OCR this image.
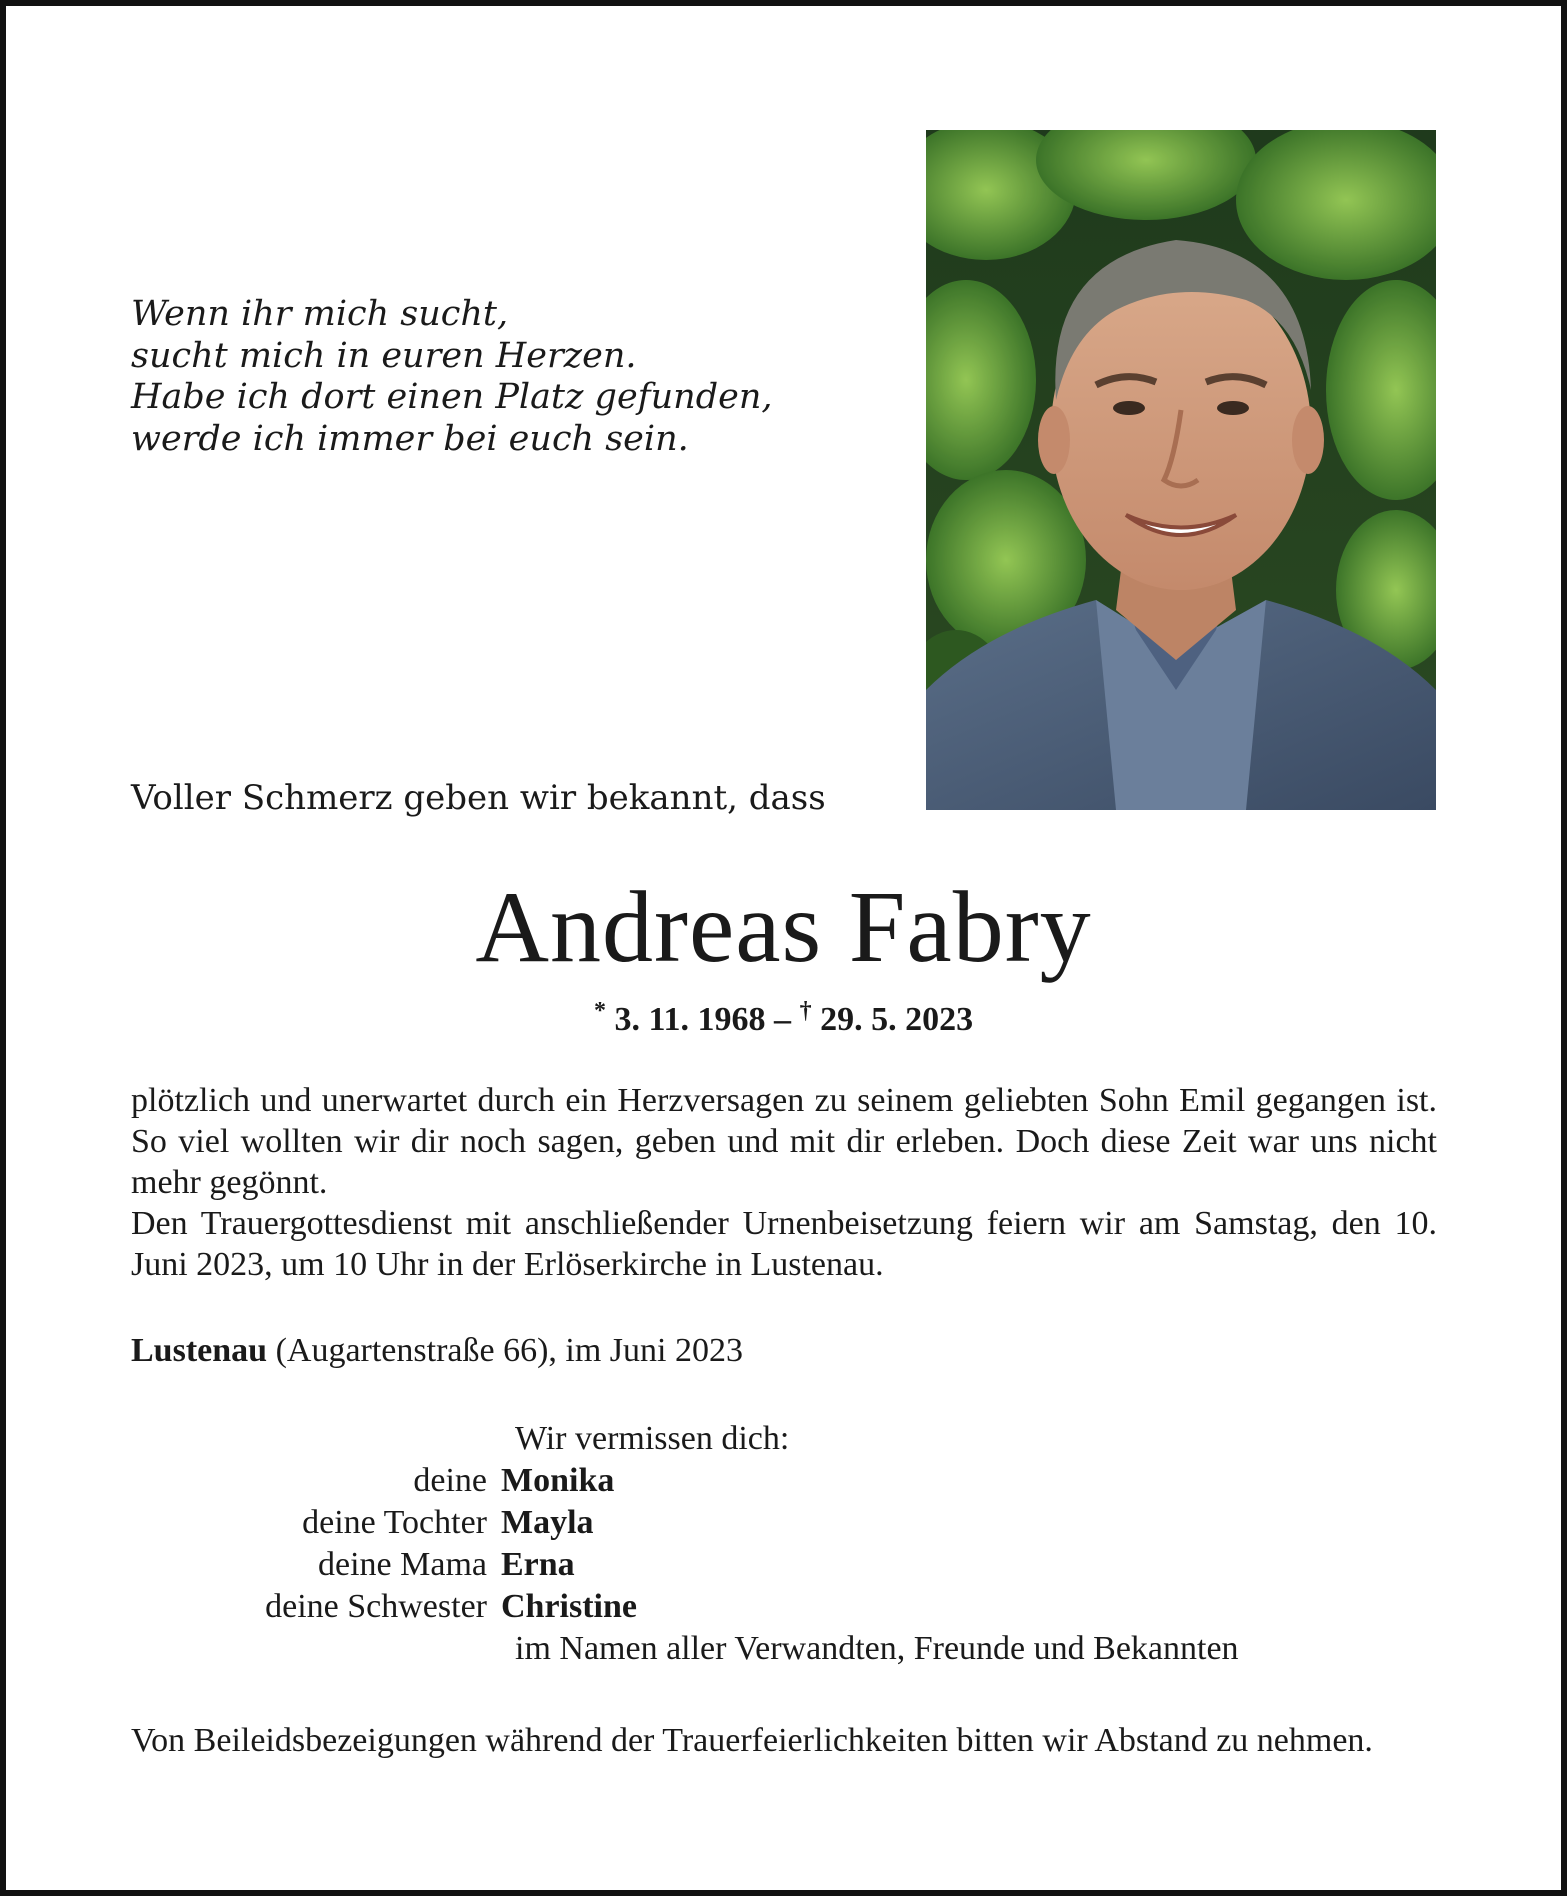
Wenn ihr mich sucht,
sucht mich in euren Herzen.
Habe ich dort einen Platz gefunden,
werde ich immer bei euch sein.
Voller Schmerz geben wir bekannt, dass
Andreas Fabry
* 3. 11. 1968 – † 29. 5. 2023

plötzlich und unerwartet durch ein Herzversagen zu seinem geliebten Sohn Emil gegangen ist. So viel wollten wir dir noch sagen, geben und mit dir erleben. Doch diese Zeit war uns nicht mehr gegönnt.

Den Trauergottesdienst mit anschließender Urnenbeisetzung feiern wir am Samstag, den 10. Juni 2023, um 10 Uhr in der Erlöserkirche in Lustenau.

Lustenau (Augartenstraße 66), im Juni 2023
Wir vermissen dich:
deine Monika
deine Tochter Mayla
deine Mama Erna
deine Schwester Christine
im Namen aller Verwandten, Freunde und Bekannten

Von Beileidsbezeigungen während der Trauerfeierlichkeiten bitten wir Abstand zu nehmen.
